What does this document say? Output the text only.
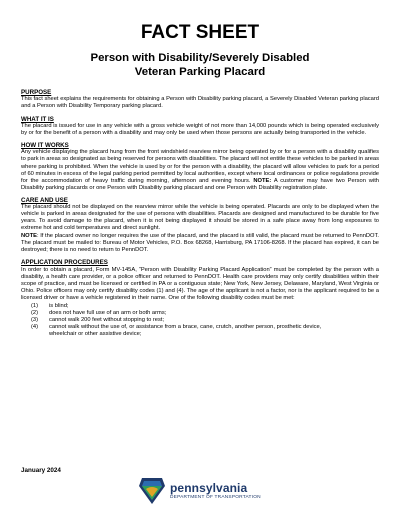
FACT SHEET
Person with Disability/Severely Disabled
Veteran Parking Placard

PURPOSE

This fact sheet explains the requirements for obtaining a Person with Disability parking placard, a Severely Disabled Veteran parking placard and a Person with Disability Temporary parking placard.

WHAT IT IS

The placard is issued for use in any vehicle with a gross vehicle weight of not more than 14,000 pounds which is being operated exclusively by or for the benefit of a person with a disability and may only be used when those persons are actually being transported in the vehicle.

HOW IT WORKS

Any vehicle displaying the placard hung from the front windshield rearview mirror being operated by or for a person with a disability qualifies to park in areas so designated as being reserved for persons with disabilities. The placard will not entitle these vehicles to be parked in areas where parking is prohibited. When the vehicle is used by or for the person with a disability, the placard will allow vehicles to park for a period of 60 minutes in excess of the legal parking period permitted by local authorities, except where local ordinances or police regulations provide for the accommodation of heavy traffic during morning, afternoon and evening hours. NOTE: A customer may have two Person with Disability parking placards or one Person with Disability parking placard and one Person with Disability registration plate.

CARE AND USE

The placard should not be displayed on the rearview mirror while the vehicle is being operated. Placards are only to be displayed when the vehicle is parked in areas designated for the use of persons with disabilities. Placards are designed and manufactured to be durable for five years. To avoid damage to the placard, when it is not being displayed it should be stored in a safe place away from long exposures to extreme hot and cold temperatures and direct sunlight.

NOTE: If the placard owner no longer requires the use of the placard, and the placard is still valid, the placard must be returned to PennDOT. The placard must be mailed to: Bureau of Motor Vehicles, P.O. Box 68268, Harrisburg, PA 17106-8268. If the placard has expired, it can be destroyed; there is no need to return to PennDOT.

APPLICATION PROCEDURES

In order to obtain a placard, Form MV-145A, “Person with Disability Parking Placard Application” must be completed by the person with a disability, a health care provider, or a police officer and returned to PennDOT. Health care providers may only certify disabilities within their scope of practice, and must be licensed or certified in PA or a contiguous state; New York, New Jersey, Delaware, Maryland, West Virginia or Ohio. Police officers may only certify disability codes (1) and (4). The age of the applicant is not a factor, nor is the applicant required to be a licensed driver or have a vehicle registered in their name. One of the following disability codes must be met:

(1)	is blind;
(2)	does not have full use of an arm or both arms;
(3)	cannot walk 200 feet without stopping to rest;
(4)	cannot walk without the use of, or assistance from a brace, cane, crutch, another person, prosthetic device, wheelchair or other assistive device;

January 2024

pennsylvania
DEPARTMENT OF TRANSPORTATION
